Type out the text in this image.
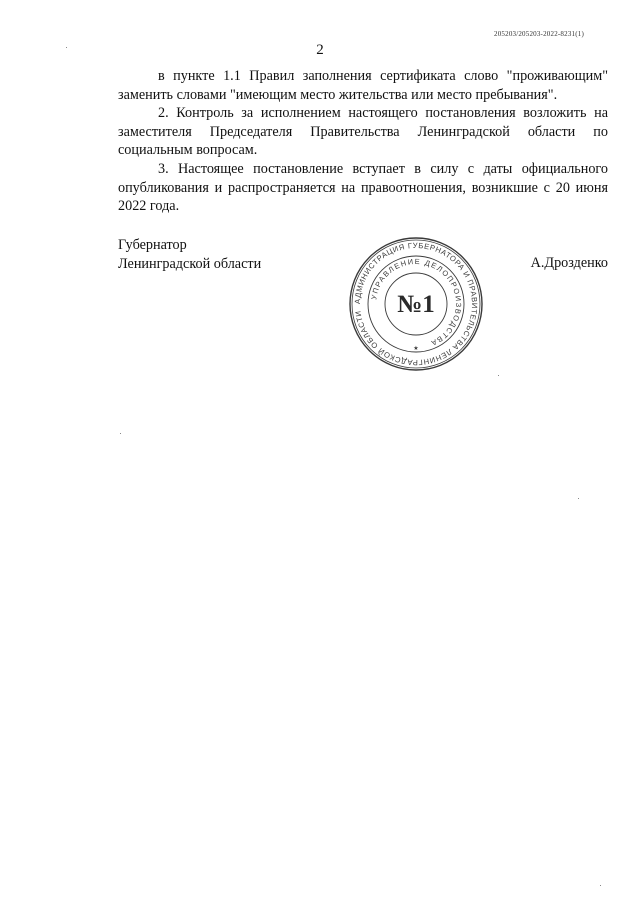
205203/205203-2022-8231(1)
2

в пункте 1.1 Правил заполнения сертификата слово "проживающим" заменить словами "имеющим место жительства или место пребывания".

2. Контроль за исполнением настоящего постановления возложить на заместителя Председателя Правительства Ленинградской области по социальным вопросам.

3. Настоящее постановление вступает в силу с даты официального опубликования и распространяется на правоотношения, возникшие с 20 июня 2022 года.

Губернатор
Ленинградской области
АДМИНИСТРАЦИЯ ГУБЕРНАТОРА И ПРАВИТЕЛЬСТВА ЛЕНИНГРАДСКОЙ ОБЛАСТИ
УПРАВЛЕНИЕ ДЕЛОПРОИЗВОДСТВА
№1
★
А.Дрозденко
